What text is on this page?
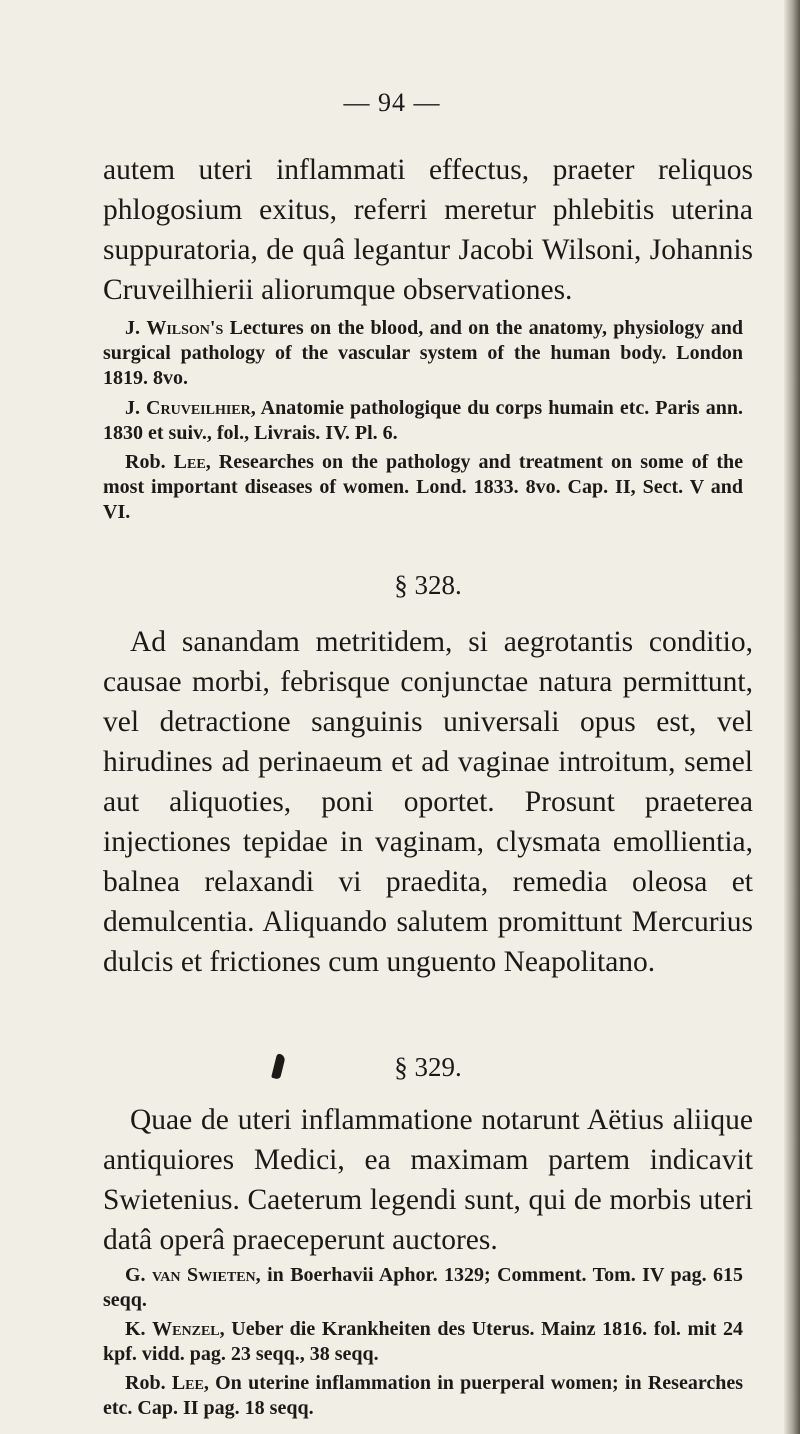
— 94 —

autem uteri inflammati effectus, praeter reliquos phlogosium exitus, referri meretur phlebitis uterina suppuratoria, de quâ legantur Jacobi Wilsoni, Johannis Cruveilhierii aliorumque observationes.

J. Wilson's Lectures on the blood, and on the anatomy, physiology and surgical pathology of the vascular system of the human body. London 1819. 8vo.

J. Cruveilhier, Anatomie pathologique du corps humain etc. Paris ann. 1830 et suiv., fol., Livrais. IV. Pl. 6.

Rob. Lee, Researches on the pathology and treatment on some of the most important diseases of women. Lond. 1833. 8vo. Cap. II, Sect. V and VI.

§ 328.

Ad sanandam metritidem, si aegrotantis conditio, causae morbi, febrisque conjunctae natura permittunt, vel detractione sanguinis universali opus est, vel hirudines ad perinaeum et ad vaginae introitum, semel aut aliquoties, poni oportet. Prosunt praeterea injectiones tepidae in vaginam, clysmata emollientia, balnea relaxandi vi praedita, remedia oleosa et demulcentia. Aliquando salutem promittunt Mercurius dulcis et frictiones cum unguento Neapolitano.

§ 329.

Quae de uteri inflammatione notarunt Aëtius aliique antiquiores Medici, ea maximam partem indicavit Swietenius. Caeterum legendi sunt, qui de morbis uteri datâ operâ praeceperunt auctores.

G. van Swieten, in Boerhavii Aphor. 1329; Comment. Tom. IV pag. 615 seqq.

K. Wenzel, Ueber die Krankheiten des Uterus. Mainz 1816. fol. mit 24 kpf. vidd. pag. 23 seqq., 38 seqq.

Rob. Lee, On uterine inflammation in puerperal women; in Researches etc. Cap. II pag. 18 seqq.
